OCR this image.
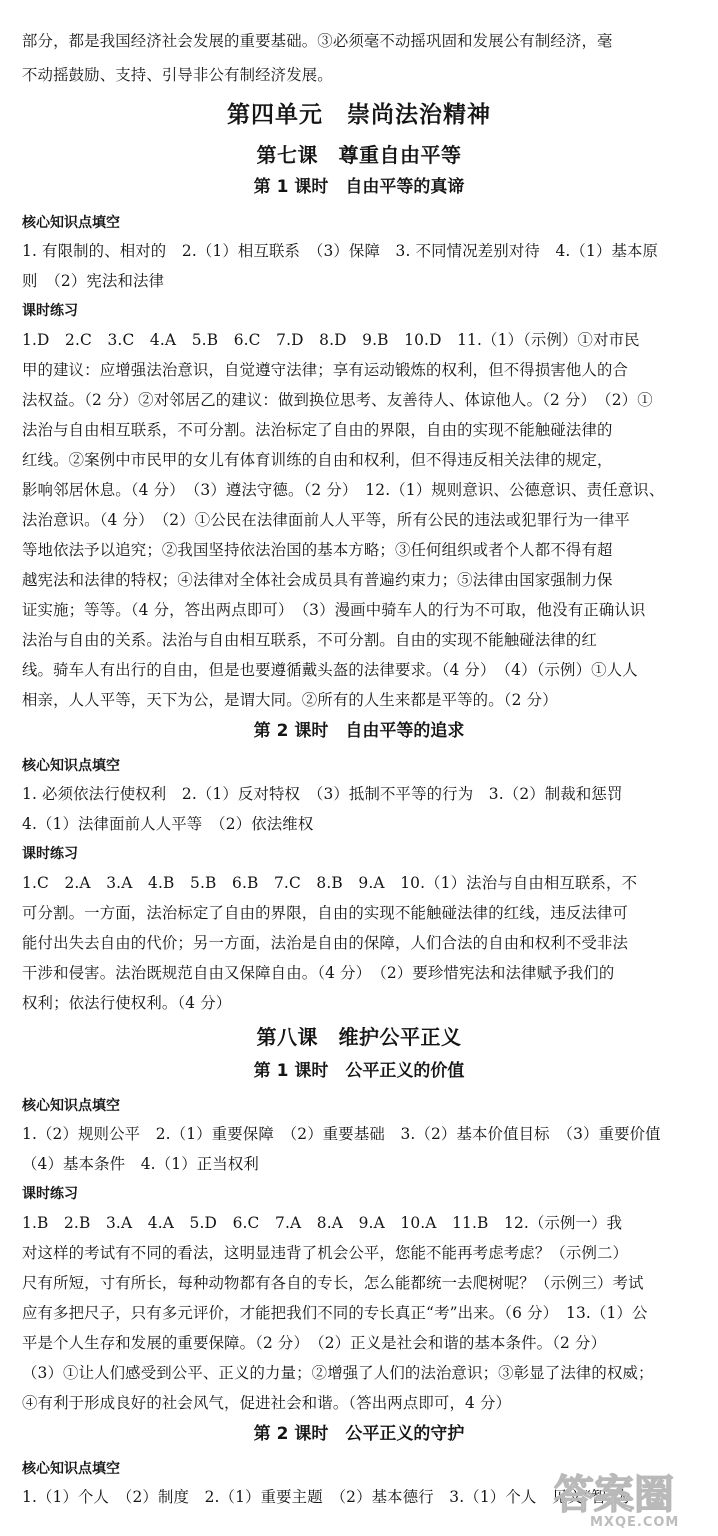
部分，都是我国经济社会发展的重要基础。③必须毫不动摇巩固和发展公有制经济，毫
不动摇鼓励、支持、引导非公有制经济发展。
第四单元　崇尚法治精神
第七课　尊重自由平等
第 1 课时　自由平等的真谛
核心知识点填空
1. 有限制的、相对的　2.（1）相互联系　（3）保障　3. 不同情况差别对待　4.（1）基本原
则　（2）宪法和法律
课时练习
1.D　2.C　3.C　4.A　5.B　6.C　7.D　8.D　9.B　10.D　11.（1）（示例）①对市民
甲的建议：应增强法治意识，自觉遵守法律；享有运动锻炼的权利，但不得损害他人的合
法权益。（2 分）②对邻居乙的建议：做到换位思考、友善待人、体谅他人。（2 分）　（2）①
法治与自由相互联系，不可分割。法治标定了自由的界限，自由的实现不能触碰法律的
红线。②案例中市民甲的女儿有体育训练的自由和权利，但不得违反相关法律的规定，
影响邻居休息。（4 分）　（3）遵法守德。（2 分）　12.（1）规则意识、公德意识、责任意识、
法治意识。（4 分）　（2）①公民在法律面前人人平等，所有公民的违法或犯罪行为一律平
等地依法予以追究；②我国坚持依法治国的基本方略；③任何组织或者个人都不得有超
越宪法和法律的特权；④法律对全体社会成员具有普遍约束力；⑤法律由国家强制力保
证实施；等等。（4 分，答出两点即可）　（3）漫画中骑车人的行为不可取，他没有正确认识
法治与自由的关系。法治与自由相互联系，不可分割。自由的实现不能触碰法律的红
线。骑车人有出行的自由，但是也要遵循戴头盔的法律要求。（4 分）　（4）（示例）①人人
相亲，人人平等，天下为公，是谓大同。②所有的人生来都是平等的。（2 分）
第 2 课时　自由平等的追求
核心知识点填空
1. 必须依法行使权利　2.（1）反对特权　（3）抵制不平等的行为　3.（2）制裁和惩罚
4.（1）法律面前人人平等　（2）依法维权
课时练习
1.C　2.A　3.A　4.B　5.B　6.B　7.C　8.B　9.A　10.（1）法治与自由相互联系，不
可分割。一方面，法治标定了自由的界限，自由的实现不能触碰法律的红线，违反法律可
能付出失去自由的代价；另一方面，法治是自由的保障，人们合法的自由和权利不受非法
干涉和侵害。法治既规范自由又保障自由。（4 分）　（2）要珍惜宪法和法律赋予我们的
权利；依法行使权利。（4 分）
第八课　维护公平正义
第 1 课时　公平正义的价值
核心知识点填空
1.（2）规则公平　2.（1）重要保障　（2）重要基础　3.（2）基本价值目标　（3）重要价值
（4）基本条件　4.（1）正当权利
课时练习
1.B　2.B　3.A　4.A　5.D　6.C　7.A　8.A　9.A　10.A　11.B　12.（示例一）我
对这样的考试有不同的看法，这明显违背了机会公平，您能不能再考虑考虑？（示例二）
尺有所短，寸有所长，每种动物都有各自的专长，怎么能都统一去爬树呢？（示例三）考试
应有多把尺子，只有多元评价，才能把我们不同的专长真正“考”出来。（6 分）　13.（1）公
平是个人生存和发展的重要保障。（2 分）　（2）正义是社会和谐的基本条件。（2 分）
（3）①让人们感受到公平、正义的力量；②增强了人们的法治意识；③彰显了法律的权威；
④有利于形成良好的社会风气，促进社会和谐。（答出两点即可，4 分）
第 2 课时　公平正义的守护
核心知识点填空
1.（1）个人　（2）制度　2.（1）重要主题　（2）基本德行　3.（1）个人　见义“智”为
答案圈
MXQE.COM
